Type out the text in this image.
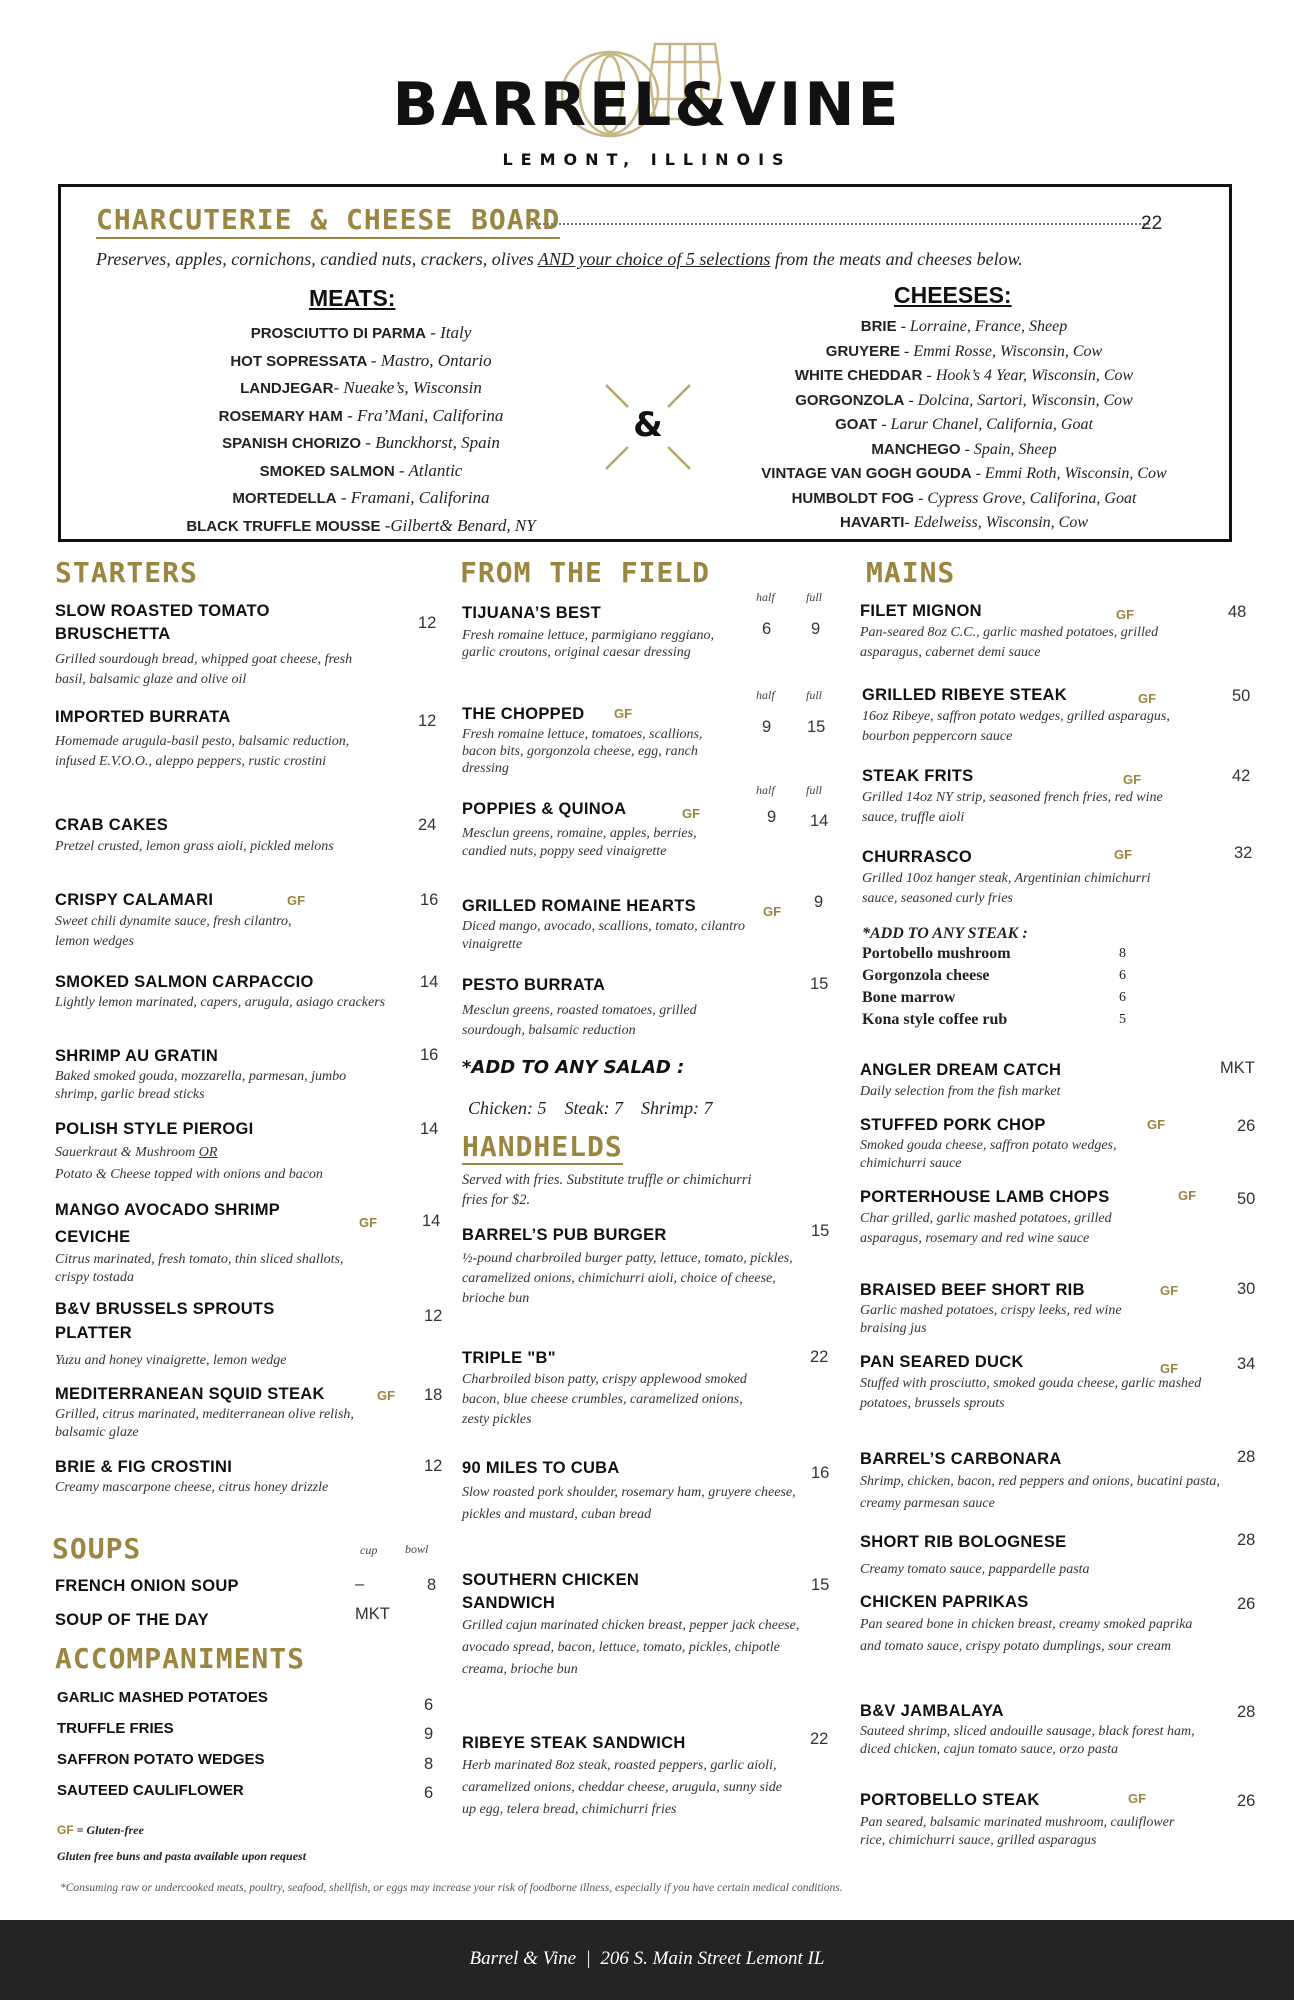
BARREL&VINE
LEMONT, ILLINOIS
CHARCUTERIE & CHEESE BOARD	22
Preserves, apples, cornichons, candied nuts, crackers, olives AND your choice of 5 selections from the meats and cheeses below.
MEATS:	CHEESES:
PROSCIUTTO DI PARMA - Italy
HOT SOPRESSATA - Mastro, Ontario
LANDJEGAR- Nueake’s, Wisconsin
ROSEMARY HAM - Fra’Mani, Califorina
SPANISH CHORIZO - Bunckhorst, Spain
SMOKED SALMON - Atlantic
MORTEDELLA - Framani, Califorina
BLACK TRUFFLE MOUSSE -Gilbert& Benard, NY
&
BRIE - Lorraine, France, Sheep
GRUYERE - Emmi Rosse, Wisconsin, Cow
WHITE CHEDDAR - Hook’s 4 Year, Wisconsin, Cow
GORGONZOLA - Dolcina, Sartori, Wisconsin, Cow
GOAT - Larur Chanel, California, Goat
MANCHEGO - Spain, Sheep
VINTAGE VAN GOGH GOUDA - Emmi Roth, Wisconsin, Cow
HUMBOLDT FOG - Cypress Grove, Califorina, Goat
HAVARTI- Edelweiss, Wisconsin, Cow
STARTERS
SLOW ROASTED TOMATO BRUSCHETTA
Grilled sourdough bread, whipped goat cheese, fresh basil, balsamic glaze and olive oil
12
IMPORTED BURRATA
Homemade arugula-basil pesto, balsamic reduction, infused E.V.O.O., aleppo peppers, rustic crostini
12
CRAB CAKES
Pretzel crusted, lemon grass aioli, pickled melons
24
CRISPY CALAMARI
Sweet chili dynamite sauce, fresh cilantro, lemon wedges
GF	16
SMOKED SALMON CARPACCIO
Lightly lemon marinated, capers, arugula, asiago crackers
14
SHRIMP AU GRATIN
Baked smoked gouda, mozzarella, parmesan, jumbo shrimp, garlic bread sticks
16
POLISH STYLE PIEROGI
Sauerkraut & Mushroom OR
Potato & Cheese topped with onions and bacon
14
MANGO AVOCADO SHRIMP CEVICHE
Citrus marinated, fresh tomato, thin sliced shallots, crispy tostada
GF	14
B&V BRUSSELS SPROUTS PLATTER
Yuzu and honey vinaigrette, lemon wedge
12
MEDITERRANEAN SQUID STEAK
Grilled, citrus marinated, mediterranean olive relish, balsamic glaze
GF 18
BRIE & FIG CROSTINI
Creamy mascarpone cheese, citrus honey drizzle
12
SOUPS	cup bowl
FRENCH ONION SOUP	–	8
SOUP OF THE DAY	MKT
ACCOMPANIMENTS
GARLIC MASHED POTATOES	6
TRUFFLE FRIES	9
SAFFRON POTATO WEDGES	8
SAUTEED CAULIFLOWER	6
GF = Gluten-free
Gluten free buns and pasta available upon request
FROM THE FIELD
half	full
TIJUANA’S BEST
Fresh romaine lettuce, parmigiano reggiano, garlic croutons, original caesar dressing
6 9
half	full
THE CHOPPED
Fresh romaine lettuce, tomatoes, scallions, bacon bits, gorgonzola cheese, egg, ranch dressing
GF
9 15
half	full
POPPIES & QUINOA
Mesclun greens, romaine, apples, berries, candied nuts, poppy seed vinaigrette
GF	9 14
GRILLED ROMAINE HEARTS
Diced mango, avocado, scallions, tomato, cilantro vinaigrette
GF
9
PESTO BURRATA
Mesclun greens, roasted tomatoes, grilled sourdough, balsamic reduction
15
*ADD TO ANY SALAD :
Chicken: 5    Steak: 7    Shrimp: 7
HANDHELDS
Served with fries. Substitute truffle or chimichurri fries for $2.
BARREL’S PUB BURGER
½-pound charbroiled burger patty, lettuce, tomato, pickles, caramelized onions, chimichurri aioli, choice of cheese, brioche bun
15
TRIPLE "B"
Charbroiled bison patty, crispy applewood smoked bacon, blue cheese crumbles, caramelized onions, zesty pickles
22
90 MILES TO CUBA
Slow roasted pork shoulder, rosemary ham, gruyere cheese, pickles and mustard, cuban bread
16
SOUTHERN CHICKEN SANDWICH
Grilled cajun marinated chicken breast, pepper jack cheese, avocado spread, bacon, lettuce, tomato, pickles, chipotle creama, brioche bun
15
RIBEYE STEAK SANDWICH
Herb marinated 8oz steak, roasted peppers, garlic aioli, caramelized onions, cheddar cheese, arugula, sunny side up egg, telera bread, chimichurri fries
22
MAINS
FILET MIGNON
Pan-seared 8oz C.C., garlic mashed potatoes, grilled asparagus, cabernet demi sauce
GF	48
GRILLED RIBEYE STEAK
16oz Ribeye, saffron potato wedges, grilled asparagus, bourbon peppercorn sauce
GF	50
STEAK FRITS
Grilled 14oz NY strip, seasoned french fries, red wine sauce, truffle aioli
GF	42
CHURRASCO
Grilled 10oz hanger steak, Argentinian chimichurri sauce, seasoned curly fries
GF	32
*ADD TO ANY STEAK :
Portobello mushroom	8
Gorgonzola cheese	6
Bone marrow	6
Kona style coffee rub	5
ANGLER DREAM CATCH
Daily selection from the fish market
MKT
STUFFED PORK CHOP
Smoked gouda cheese, saffron potato wedges, chimichurri sauce
GF	26
PORTERHOUSE LAMB CHOPS
Char grilled, garlic mashed potatoes, grilled asparagus, rosemary and red wine sauce
GF 50
BRAISED BEEF SHORT RIB
Garlic mashed potatoes, crispy leeks, red wine braising jus
GF	30
PAN SEARED DUCK
Stuffed with prosciutto, smoked gouda cheese, garlic mashed potatoes, brussels sprouts
GF	34
BARREL’S CARBONARA
Shrimp, chicken, bacon, red peppers and onions, bucatini pasta, creamy parmesan sauce
28
SHORT RIB BOLOGNESE
Creamy tomato sauce, pappardelle pasta
28
CHICKEN PAPRIKAS
Pan seared bone in chicken breast, creamy smoked paprika and tomato sauce, crispy potato dumplings, sour cream
26
B&V JAMBALAYA
Sauteed shrimp, sliced andouille sausage, black forest ham, diced chicken, cajun tomato sauce, orzo pasta
28
PORTOBELLO STEAK
Pan seared, balsamic marinated mushroom, cauliflower rice, chimichurri sauce, grilled asparagus
GF	26
*Consuming raw or undercooked meats, poultry, seafood, shellfish, or eggs may increase your risk of foodborne illness, especially if you have certain medical conditions.
Barrel & Vine  |  206 S. Main Street Lemont IL
